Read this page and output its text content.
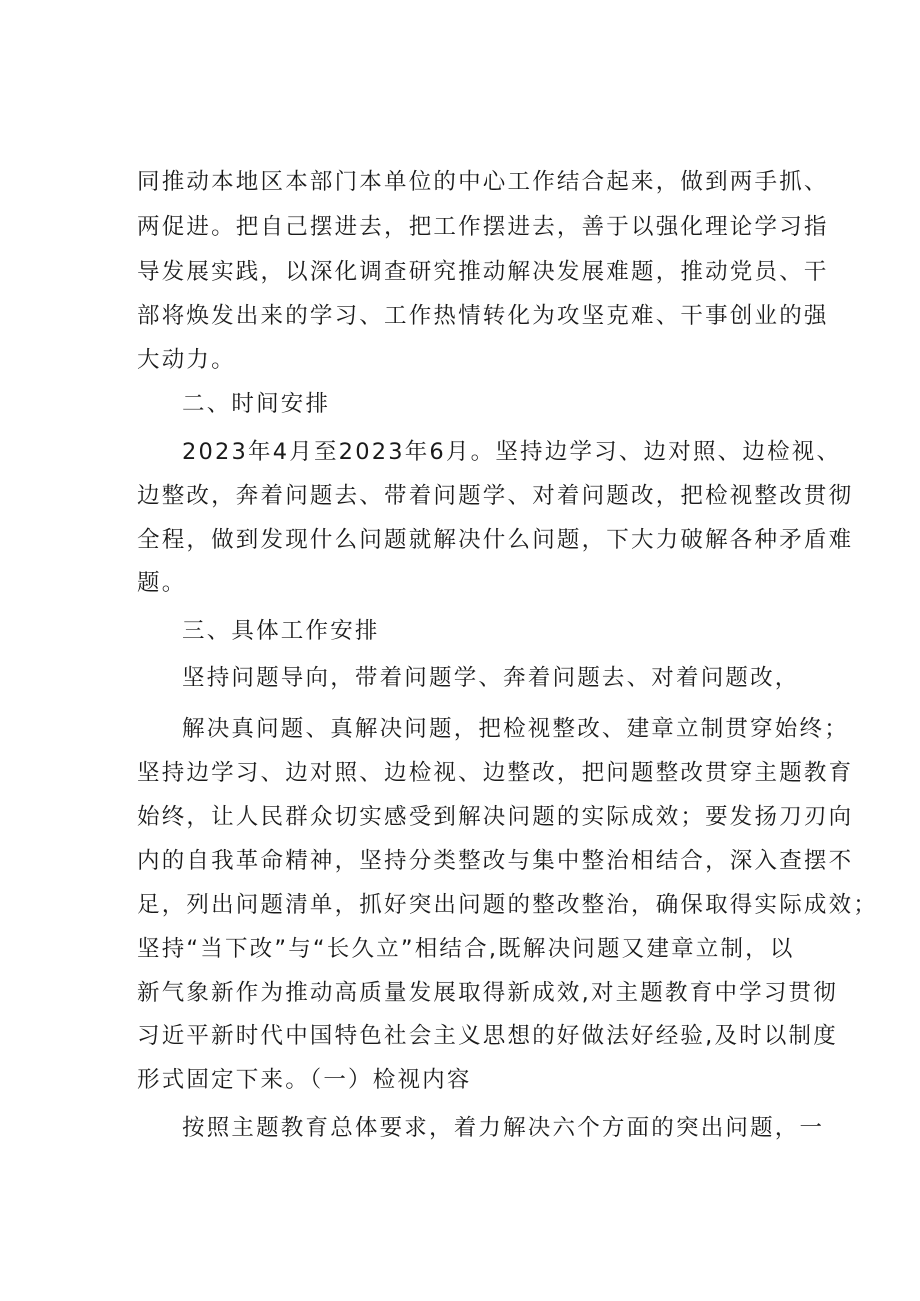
同推动本地区本部门本单位的中心工作结合起来，做到两手抓、
两促进。把自己摆进去，把工作摆进去，善于以强化理论学习指
导发展实践，以深化调查研究推动解决发展难题，推动党员、干
部将焕发出来的学习、工作热情转化为攻坚克难、干事创业的强
大动力。
二、时间安排
2023年4月至2023年6月。坚持边学习、边对照、边检视、
边整改，奔着问题去、带着问题学、对着问题改，把检视整改贯彻
全程，做到发现什么问题就解决什么问题，下大力破解各种矛盾难
题。
三、具体工作安排
坚持问题导向，带着问题学、奔着问题去、对着问题改，
解决真问题、真解决问题，把检视整改、建章立制贯穿始终；
坚持边学习、边对照、边检视、边整改，把问题整改贯穿主题教育
始终，让人民群众切实感受到解决问题的实际成效；要发扬刀刃向
内的自我革命精神，坚持分类整改与集中整治相结合，深入查摆不
足，列出问题清单，抓好突出问题的整改整治，确保取得实际成效；
坚持“当下改”与“长久立”相结合,既解决问题又建章立制，以
新气象新作为推动高质量发展取得新成效,对主题教育中学习贯彻
习近平新时代中国特色社会主义思想的好做法好经验,及时以制度
形式固定下来。（一）检视内容
按照主题教育总体要求，着力解决六个方面的突出问题，一
